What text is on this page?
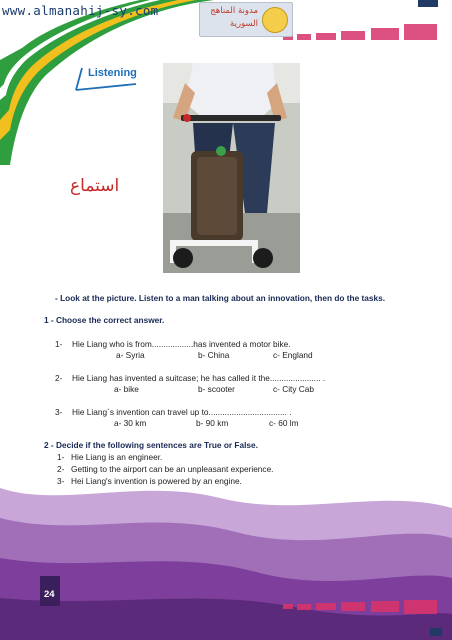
www.almanahij-sy.com	مدونة المناهج
السورية
Listening
استماع
- Look at the picture. Listen to a man talking about an innovation, then do the tasks.
1 - Choose the correct answer.
1- Hie Liang who is from..................has invented a motor bike.
a- Syria	b- China	c- England
2- Hie Liang has invented a suitcase; he has called it the...................... .
a- bike	b- scooter	c- City Cab
3- Hie Liang`s invention can travel up to.................................. .
a- 30 km	b- 90 km	c- 60 lm
2 - Decide if the following sentences are True or False.
1- Hie Liang is an engineer.
2- Getting to the airport can be an unpleasant experience.
3- Hei Liang's invention is powered by an engine.
24
